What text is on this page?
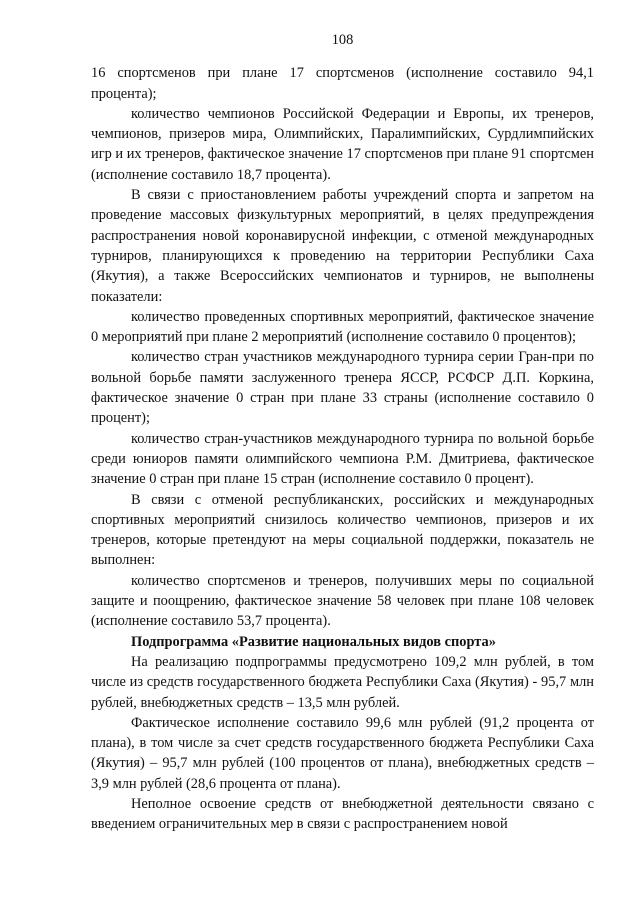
108

16 спортсменов при плане 17 спортсменов (исполнение составило 94,1 процента);

количество чемпионов Российской Федерации и Европы, их тренеров, чемпионов, призеров мира, Олимпийских, Паралимпийских, Сурдлимпийских игр и их тренеров, фактическое значение 17 спортсменов при плане 91 спортсмен (исполнение составило 18,7 процента).

В связи с приостановлением работы учреждений спорта и запретом на проведение массовых физкультурных мероприятий, в целях предупреждения распространения новой коронавирусной инфекции, с отменой международных турниров, планирующихся к проведению на территории Республики Саха (Якутия), а также Всероссийских чемпионатов и турниров, не выполнены показатели:

количество проведенных спортивных мероприятий, фактическое значение 0 мероприятий при плане 2 мероприятий (исполнение составило 0 процентов);

количество стран участников международного турнира серии Гран-при по вольной борьбе памяти заслуженного тренера ЯССР, РСФСР Д.П. Коркина, фактическое значение 0 стран при плане 33 страны (исполнение составило 0 процент);

количество стран-участников международного турнира по вольной борьбе среди юниоров памяти олимпийского чемпиона Р.М. Дмитриева, фактическое значение 0 стран при плане 15 стран (исполнение составило 0 процент).

В связи с отменой республиканских, российских и международных спортивных мероприятий снизилось количество чемпионов, призеров и их тренеров, которые претендуют на меры социальной поддержки, показатель не выполнен:

количество спортсменов и тренеров, получивших меры по социальной защите и поощрению, фактическое значение 58 человек при плане 108 человек (исполнение составило 53,7 процента).

Подпрограмма «Развитие национальных видов спорта»

На реализацию подпрограммы предусмотрено 109,2 млн рублей, в том числе из средств государственного бюджета Республики Саха (Якутия) - 95,7 млн рублей, внебюджетных средств – 13,5 млн рублей.

Фактическое исполнение составило 99,6 млн рублей (91,2 процента от плана), в том числе за счет средств государственного бюджета Республики Саха (Якутия) – 95,7 млн рублей (100 процентов от плана), внебюджетных средств – 3,9 млн рублей (28,6 процента от плана).

Неполное освоение средств от внебюджетной деятельности связано с введением ограничительных мер в связи с распространением новой
